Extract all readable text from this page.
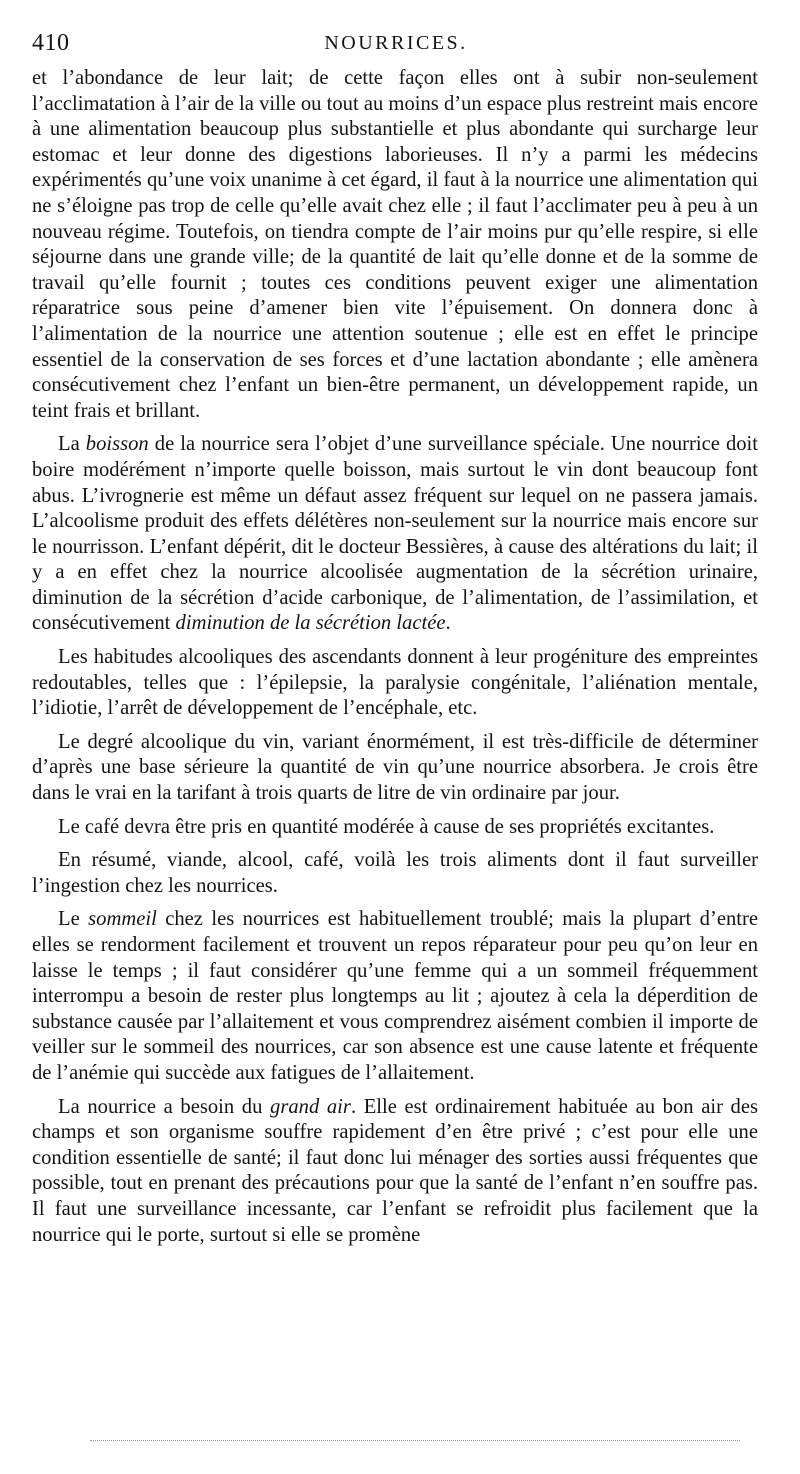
410	NOURRICES.

et l’abondance de leur lait; de cette façon elles ont à subir non-seulement l’acclimatation à l’air de la ville ou tout au moins d’un espace plus restreint mais encore à une alimentation beaucoup plus substantielle et plus abondante qui surcharge leur estomac et leur donne des digestions laborieuses. Il n’y a parmi les médecins expérimentés qu’une voix unanime à cet égard, il faut à la nourrice une alimentation qui ne s’éloigne pas trop de celle qu’elle avait chez elle ; il faut l’acclimater peu à peu à un nouveau régime. Toutefois, on tiendra compte de l’air moins pur qu’elle respire, si elle séjourne dans une grande ville; de la quantité de lait qu’elle donne et de la somme de travail qu’elle fournit ; toutes ces conditions peuvent exiger une alimentation réparatrice sous peine d’amener bien vite l’épuisement. On donnera donc à l’alimentation de la nourrice une attention soutenue ; elle est en effet le principe essentiel de la conservation de ses forces et d’une lactation abondante ; elle amènera consécutivement chez l’enfant un bien-être permanent, un développement rapide, un teint frais et brillant.

La boisson de la nourrice sera l’objet d’une surveillance spéciale. Une nourrice doit boire modérément n’importe quelle boisson, mais surtout le vin dont beaucoup font abus. L’ivrognerie est même un défaut assez fréquent sur lequel on ne passera jamais. L’alcoolisme produit des effets délétères non-seulement sur la nourrice mais encore sur le nourrisson. L’enfant dépérit, dit le docteur Bessières, à cause des altérations du lait; il y a en effet chez la nourrice alcoolisée augmentation de la sécrétion urinaire, diminution de la sécrétion d’acide carbonique, de l’alimentation, de l’assimilation, et consécutivement diminution de la sécrétion lactée.

Les habitudes alcooliques des ascendants donnent à leur progéniture des empreintes redoutables, telles que : l’épilepsie, la paralysie congénitale, l’aliénation mentale, l’idiotie, l’arrêt de développement de l’encéphale, etc.

Le degré alcoolique du vin, variant énormément, il est très-difficile de déterminer d’après une base sérieure la quantité de vin qu’une nourrice absorbera. Je crois être dans le vrai en la tarifant à trois quarts de litre de vin ordinaire par jour.

Le café devra être pris en quantité modérée à cause de ses propriétés excitantes.

En résumé, viande, alcool, café, voilà les trois aliments dont il faut surveiller l’ingestion chez les nourrices.

Le sommeil chez les nourrices est habituellement troublé; mais la plupart d’entre elles se rendorment facilement et trouvent un repos réparateur pour peu qu’on leur en laisse le temps ; il faut considérer qu’une femme qui a un sommeil fréquemment interrompu a besoin de rester plus longtemps au lit ; ajoutez à cela la déperdition de substance causée par l’allaitement et vous comprendrez aisément combien il importe de veiller sur le sommeil des nourrices, car son absence est une cause latente et fréquente de l’anémie qui succède aux fatigues de l’allaitement.

La nourrice a besoin du grand air. Elle est ordinairement habituée au bon air des champs et son organisme souffre rapidement d’en être privé ; c’est pour elle une condition essentielle de santé; il faut donc lui ménager des sorties aussi fréquentes que possible, tout en prenant des précautions pour que la santé de l’enfant n’en souffre pas. Il faut une surveillance incessante, car l’enfant se refroidit plus facilement que la nourrice qui le porte, surtout si elle se promène
